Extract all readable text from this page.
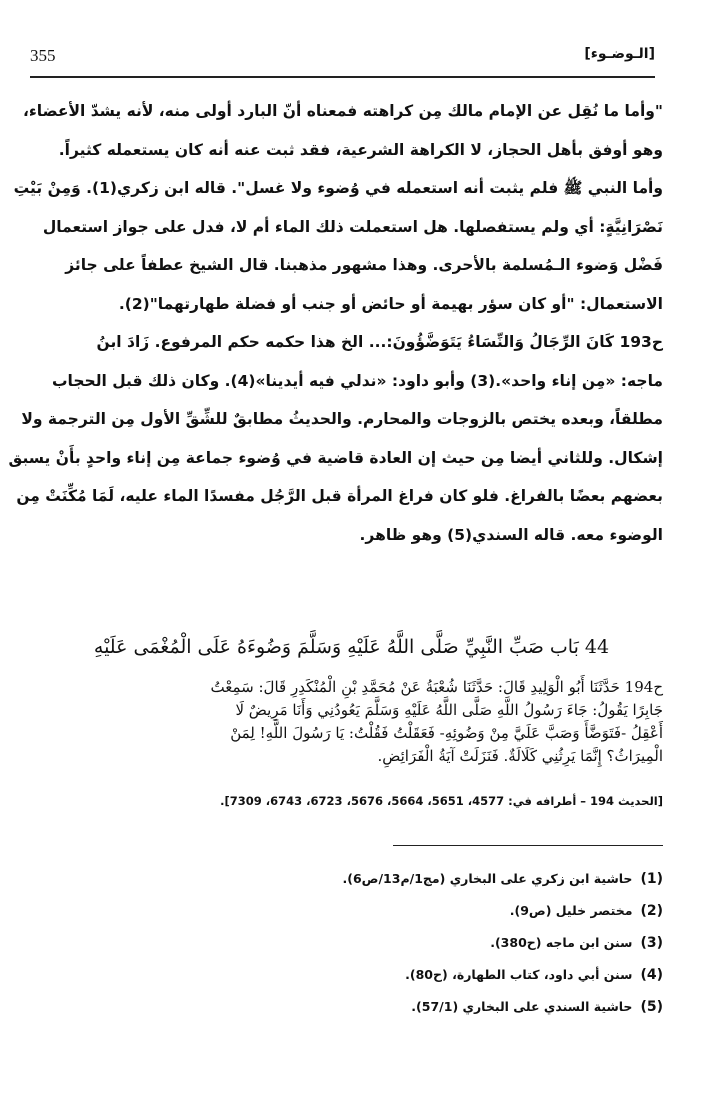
355	[الـوضـوء]
"وأما ما نُقِل عن الإمام مالك مِن كراهته فمعناه أنّ البارد أولى منه، لأنه يشدّ الأعضاء،
وهو أوفق بأهل الحجاز، لا الكراهة الشرعية، فقد ثبت عنه أنه كان يستعمله كثيراً.
وأما النبي ﷺ فلم يثبت أنه استعمله في وُضوء ولا غسل". قاله ابن زكري(1). وَمِنْ بَيْتِ
نَصْرَانِيَّةٍ: أي ولم يستفصلها. هل استعملت ذلك الماء أم لا، فدل على جواز استعمال
فَضْل وَضوء الـمُسلمة بالأحرى. وهذا مشهور مذهبنا. قال الشيخ عطفاً على جائز
الاستعمال: "أو كان سؤر بهيمة أو حائض أو جنب أو فضلة طهارتهما"(2).
ح193 كَانَ الرِّجَالُ وَالنِّسَاءُ يَتَوَضَّؤُونَ:... الخ هذا حكمه حكم المرفوع. زَادَ ابنُ
ماجه: «مِن إناء واحد».(3) وأبو داود: «ندلي فيه أيدينا»(4). وكان ذلك قبل الحجاب
مطلقاً، وبعده يختص بالزوجات والمحارم. والحديثُ مطابقٌ للشِّقِّ الأول مِن الترجمة ولا
إشكال. وللثاني أيضا مِن حيث إن العادة قاضية في وُضوء جماعة مِن إناء واحدٍ بأَنْ يسبق
بعضهم بعضًا بالفراغ. فلو كان فراغ المرأة قبل الرَّجُل مفسدًا الماء عليه، لَمَا مُكِّنَتْ مِن
الوضوء معه. قاله السندي(5) وهو ظاهر.
44 بَاب صَبِّ النَّبِيِّ صَلَّى اللَّهُ عَلَيْهِ وَسَلَّمَ وَضُوءَهُ عَلَى الْمُغْمَى عَلَيْهِ
ح194 حَدَّثَنَا أَبُو الْوَلِيدِ قَالَ: حَدَّثَنَا شُعْبَةُ عَنْ مُحَمَّدِ بْنِ الْمُنْكَدِرِ قَالَ: سَمِعْتُ
جَابِرًا يَقُولُ: جَاءَ رَسُولُ اللَّهِ صَلَّى اللَّهُ عَلَيْهِ وَسَلَّمَ يَعُودُنِي وَأَنَا مَرِيضٌ لَا
أَعْقِلُ -فَتَوَضَّأَ وَصَبَّ عَلَيَّ مِنْ وَضُوئِهِ- فَعَقَلْتُ فَقُلْتُ: يَا رَسُولَ اللَّهِ! لِمَنْ
الْمِيرَاثُ؟ إِنَّمَا يَرِثُنِي كَلَالَةٌ. فَنَزَلَتْ آيَةُ الْفَرَائِضِ.
[الحديث 194 – أطرافه في: 4577، 5651، 5664، 5676، 6723، 6743، 7309].
(1)حاشية ابن زكري على البخاري (مج1/م13/ص6).
(2)مختصر خليل (ص9).
(3)سنن ابن ماجه (ح380).
(4)سنن أبي داود، كتاب الطهارة، (ح80).
(5)حاشية السندي على البخاري (57/1).
